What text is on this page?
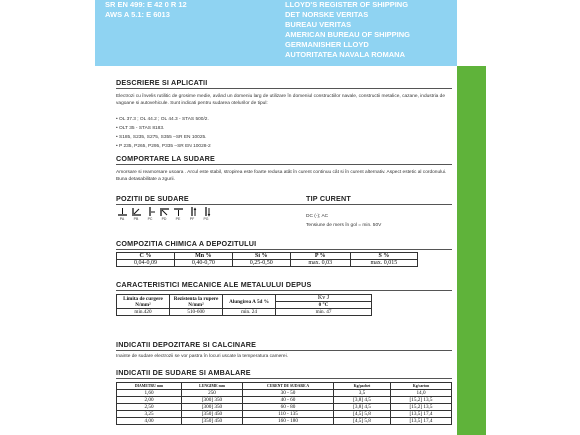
SR EN 499: E 42 0 R 12
AWS A 5.1: E 6013
LLOYD'S REGISTER OF SHIPPING
DET NORSKE VERITAS
BUREAU VERITAS
AMERICAN BUREAU OF SHIPPING
GERMANISHER LLOYD
AUTORITATEA NAVALA ROMANA
DESCRIERE SI APLICATII
Electrozi cu învelis rutilitic de grosime medie, având un domeniu larg de utilizare în domeniul constructiilor navale, constructii metalice, cazane, industria de vagoane si autovehicule. Sunt indicati pentru sudarea otelurilor de tipul:
• OL 37.3 ; OL 44.2 ; OL 44.3 - STAS 500/2.
• OLT 35 - STAS 8183.
• S185, S235, S275, S355 –SR EN 10025.
• P 235, P265, P295, P335 –SR EN 10028-2
COMPORTARE LA SUDARE
Amorsare si reamorsare usoara . Arcul este stabil, stropirea este foarte redusa atât în curent continuu cât si în curent alternativ. Aspect estetic al cordonului. Buna detasabilitate a zgurii.
POZITII DE SUDARE	TIP CURENT
PA	PB	PC	PD	PE	PF	PG	DC (-); AC
Tensiune de mers în gol = min. 50V
COMPOZITIA CHIMICA A DEPOZITULUI
C %	Mn %	Si %	P %	S %
0,04-0,09	0,40-0,70	0,25-0,50	max. 0,03	max. 0,015
CARACTERISTICI MECANICE ALE METALULUI DEPUS
Limita de curgere N/mm²	Rezistenta la rupere N/mm²	Alungirea A 5d %	Kv J
			0 °C
min.420	510-600	min. 24	min. 47
INDICATII DEPOZITARE SI CALCINARE
Inainte de sudare electrozii se vor pastra în locuri uscate la temperatura camerei.
INDICATII DE SUDARE SI AMBALARE
DIAMETRU mm	LUNGIME mm	CURENT DE SUDARE A	Kg/pachet	Kg/carton
1,60	250	30 - 50	3,5	14,0
2,00	[300] 350	40 - 60	[3,8] 4,5	[15,2] 13,5
2,50	[300] 350	60 - 80	[3,8] 4,5	[15,2] 13,5
3,25	[350] 450	110 - 135	[4,5] 5,8	[13,5] 17,4
4,00	[350] 450	160 - 180	[4,5] 5,8	[13,5] 17,4
